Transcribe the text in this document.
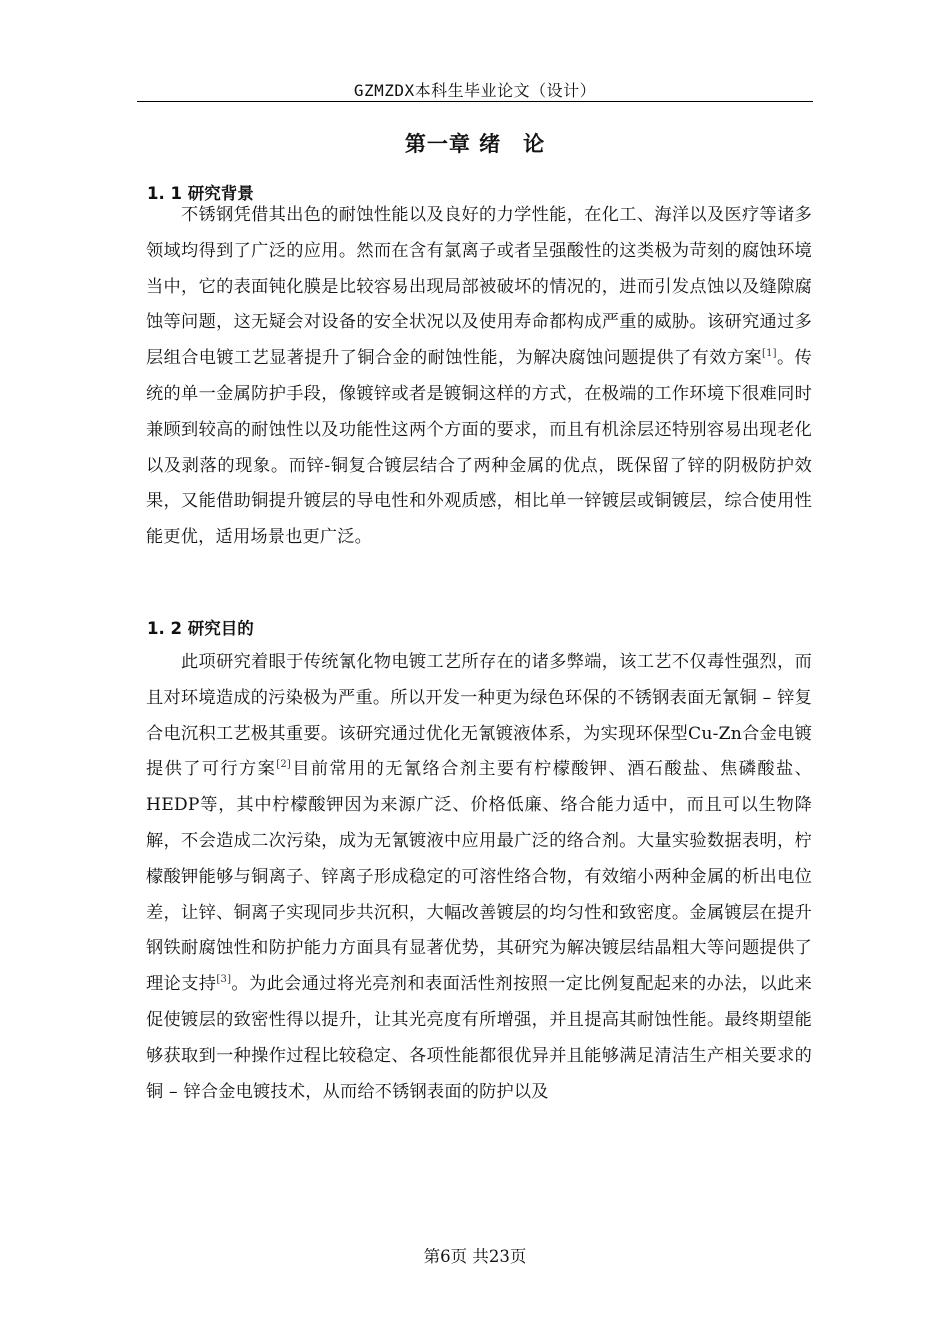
GZMZDX本科生毕业论文（设计）
第一章 绪　论
1. 1 研究背景

不锈钢凭借其出色的耐蚀性能以及良好的力学性能，在化工、海洋以及医疗等诸多领域均得到了广泛的应用。然而在含有氯离子或者呈强酸性的这类极为苛刻的腐蚀环境当中，它的表面钝化膜是比较容易出现局部被破坏的情况的，进而引发点蚀以及缝隙腐蚀等问题，这无疑会对设备的安全状况以及使用寿命都构成严重的威胁。该研究通过多层组合电镀工艺显著提升了铜合金的耐蚀性能，为解决腐蚀问题提供了有效方案[1]。传统的单一金属防护手段，像镀锌或者是镀铜这样的方式，在极端的工作环境下很难同时兼顾到较高的耐蚀性以及功能性这两个方面的要求，而且有机涂层还特别容易出现老化以及剥落的现象。而锌-铜复合镀层结合了两种金属的优点，既保留了锌的阴极防护效果，又能借助铜提升镀层的导电性和外观质感，相比单一锌镀层或铜镀层，综合使用性能更优，适用场景也更广泛。

1. 2 研究目的

此项研究着眼于传统氰化物电镀工艺所存在的诸多弊端，该工艺不仅毒性强烈，而且对环境造成的污染极为严重。所以开发一种更为绿色环保的不锈钢表面无氰铜 – 锌复合电沉积工艺极其重要。该研究通过优化无氰镀液体系，为实现环保型Cu-Zn合金电镀提供了可行方案[2]目前常用的无氰络合剂主要有柠檬酸钾、酒石酸盐、焦磷酸盐、HEDP等，其中柠檬酸钾因为来源广泛、价格低廉、络合能力适中，而且可以生物降解，不会造成二次污染，成为无氰镀液中应用最广泛的络合剂。大量实验数据表明，柠檬酸钾能够与铜离子、锌离子形成稳定的可溶性络合物，有效缩小两种金属的析出电位差，让锌、铜离子实现同步共沉积，大幅改善镀层的均匀性和致密度。金属镀层在提升钢铁耐腐蚀性和防护能力方面具有显著优势，其研究为解决镀层结晶粗大等问题提供了理论支持[3]。为此会通过将光亮剂和表面活性剂按照一定比例复配起来的办法，以此来促使镀层的致密性得以提升，让其光亮度有所增强，并且提高其耐蚀性能。最终期望能够获取到一种操作过程比较稳定、各项性能都很优异并且能够满足清洁生产相关要求的铜 – 锌合金电镀技术，从而给不锈钢表面的防护以及

第6页 共23页
